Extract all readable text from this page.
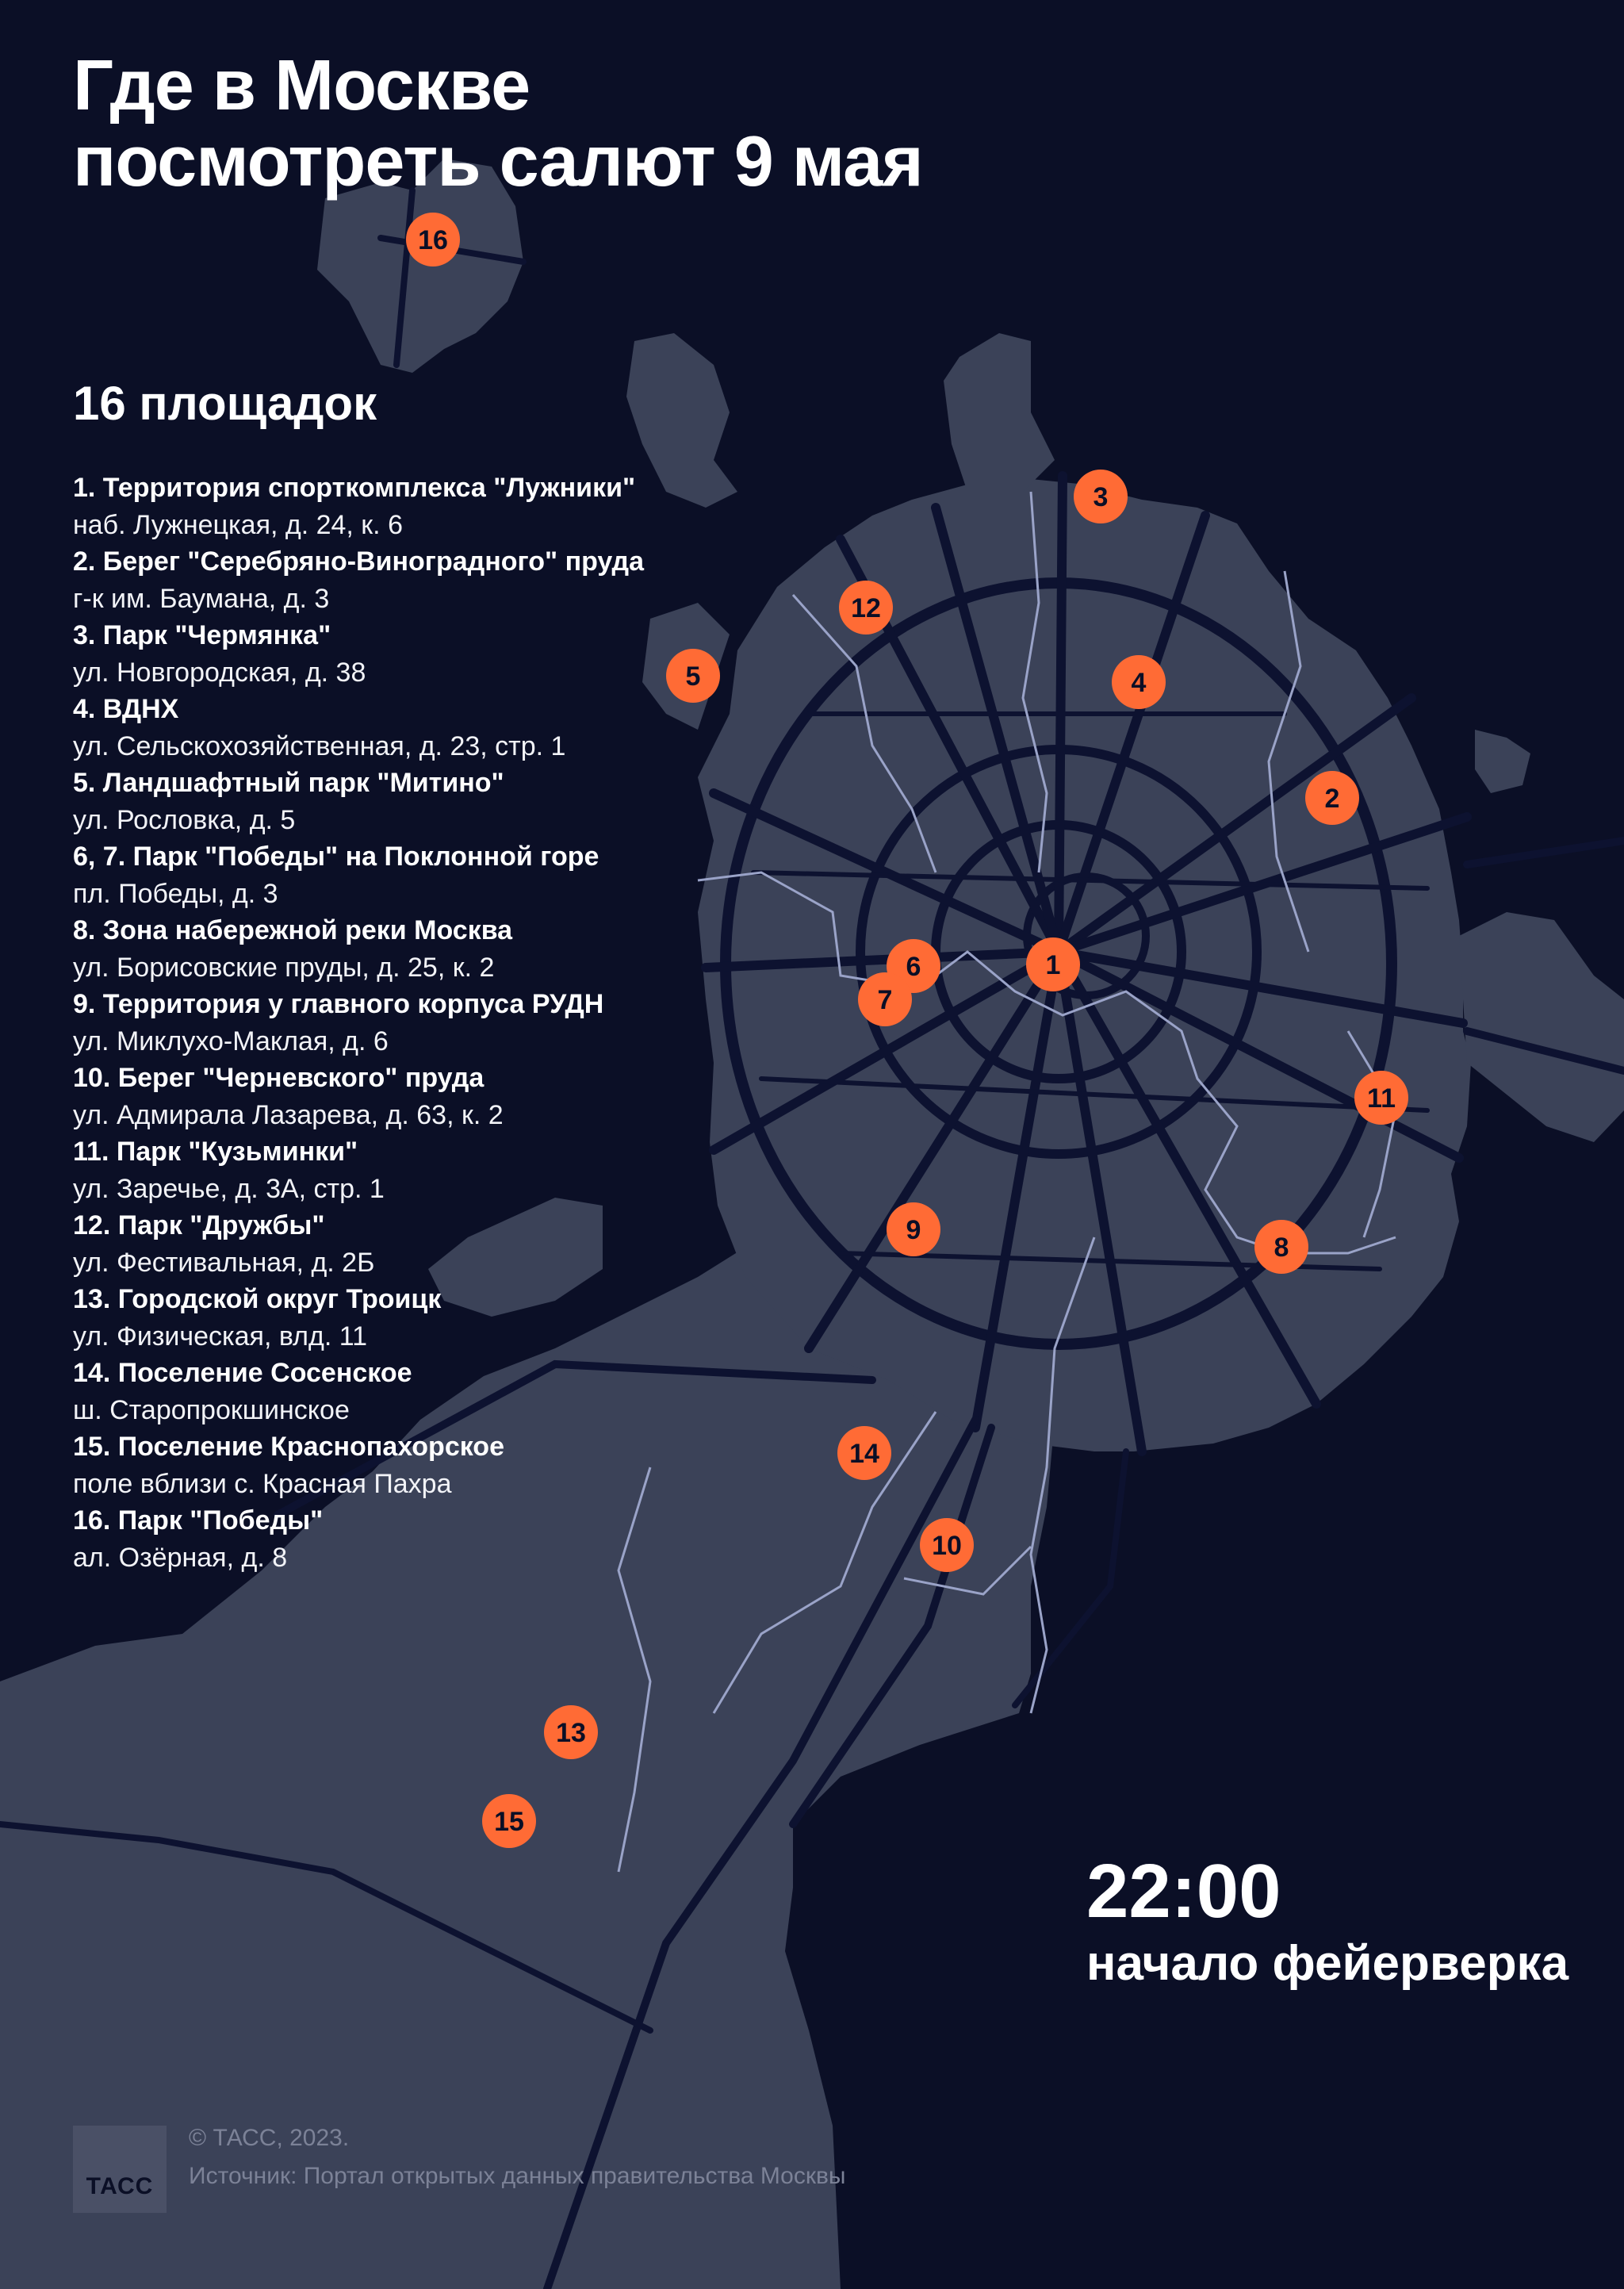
1
2
3
4
5
6
7
8
9
10
11
12
13
14
15
16
Где в Москве
посмотреть салют 9 мая
16 площадок
1. Территория спорткомплекса "Лужники"
наб. Лужнецкая, д. 24, к. 6
2. Берег "Серебряно-Виноградного" пруда
г-к им. Баумана, д. 3
3. Парк "Чермянка"
ул. Новгородская, д. 38
4. ВДНХ
ул. Сельскохозяйственная, д. 23, стр. 1
5. Ландшафтный парк "Митино"
ул. Рословка, д. 5
6, 7. Парк "Победы" на Поклонной горе
пл. Победы, д. 3
8. Зона набережной реки Москва
ул. Борисовские пруды, д. 25, к. 2
9. Территория у главного корпуса РУДН
ул. Миклухо-Маклая, д. 6
10. Берег "Черневского" пруда
ул. Адмирала Лазарева, д. 63, к. 2
11. Парк "Кузьминки"
ул. Заречье, д. 3А, стр. 1
12. Парк "Дружбы"
ул. Фестивальная, д. 2Б
13. Городской округ Троицк
ул. Физическая, влд. 11
14. Поселение Сосенское
ш. Старопрокшинское
15. Поселение Краснопахорское
поле вблизи с. Красная Пахра
16. Парк "Победы"
ал. Озёрная, д. 8
22:00
начало фейерверка
ТАСС
© ТАСС, 2023.
Источник: Портал открытых данных правительства Москвы
